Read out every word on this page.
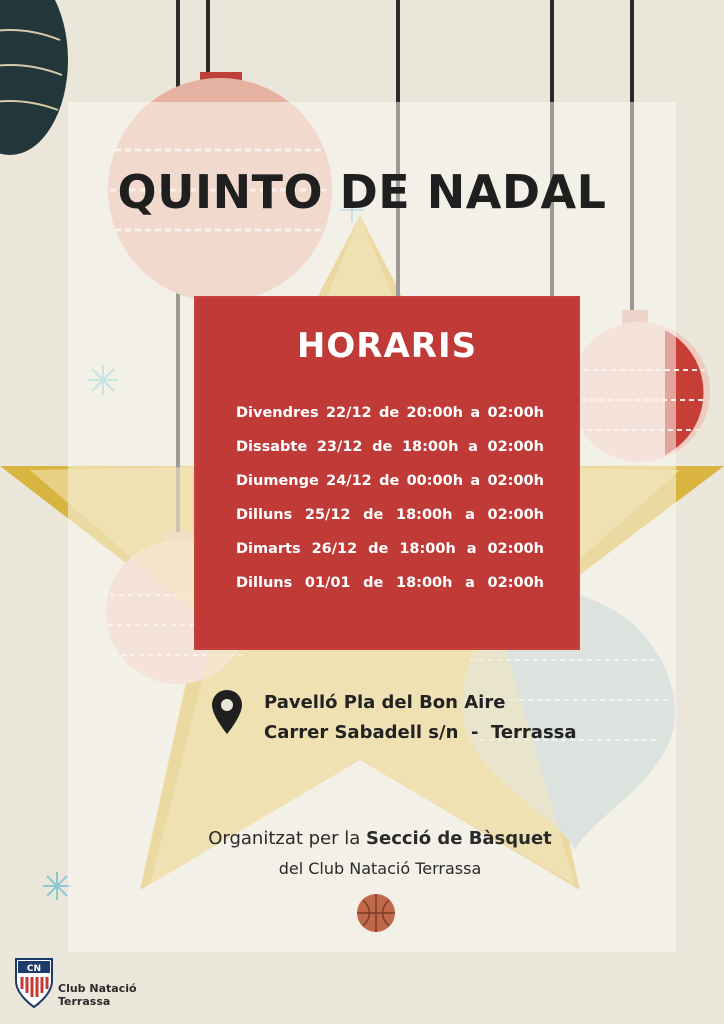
QUINTO DE NADAL
HORARIS
Divendres 22/12 de 20:00h a 02:00h
Dissabte 23/12 de 18:00h a 02:00h
Diumenge 24/12 de 00:00h a 02:00h
Dilluns 25/12 de 18:00h a 02:00h
Dimarts 26/12 de 18:00h a 02:00h
Dilluns 01/01 de 18:00h a 02:00h
Pavelló Pla del Bon Aire
Carrer Sabadell s/n  -  Terrassa
Organitzat per la Secció de Bàsquet
del Club Natació Terrassa
CN
Club Natació
Terrassa
